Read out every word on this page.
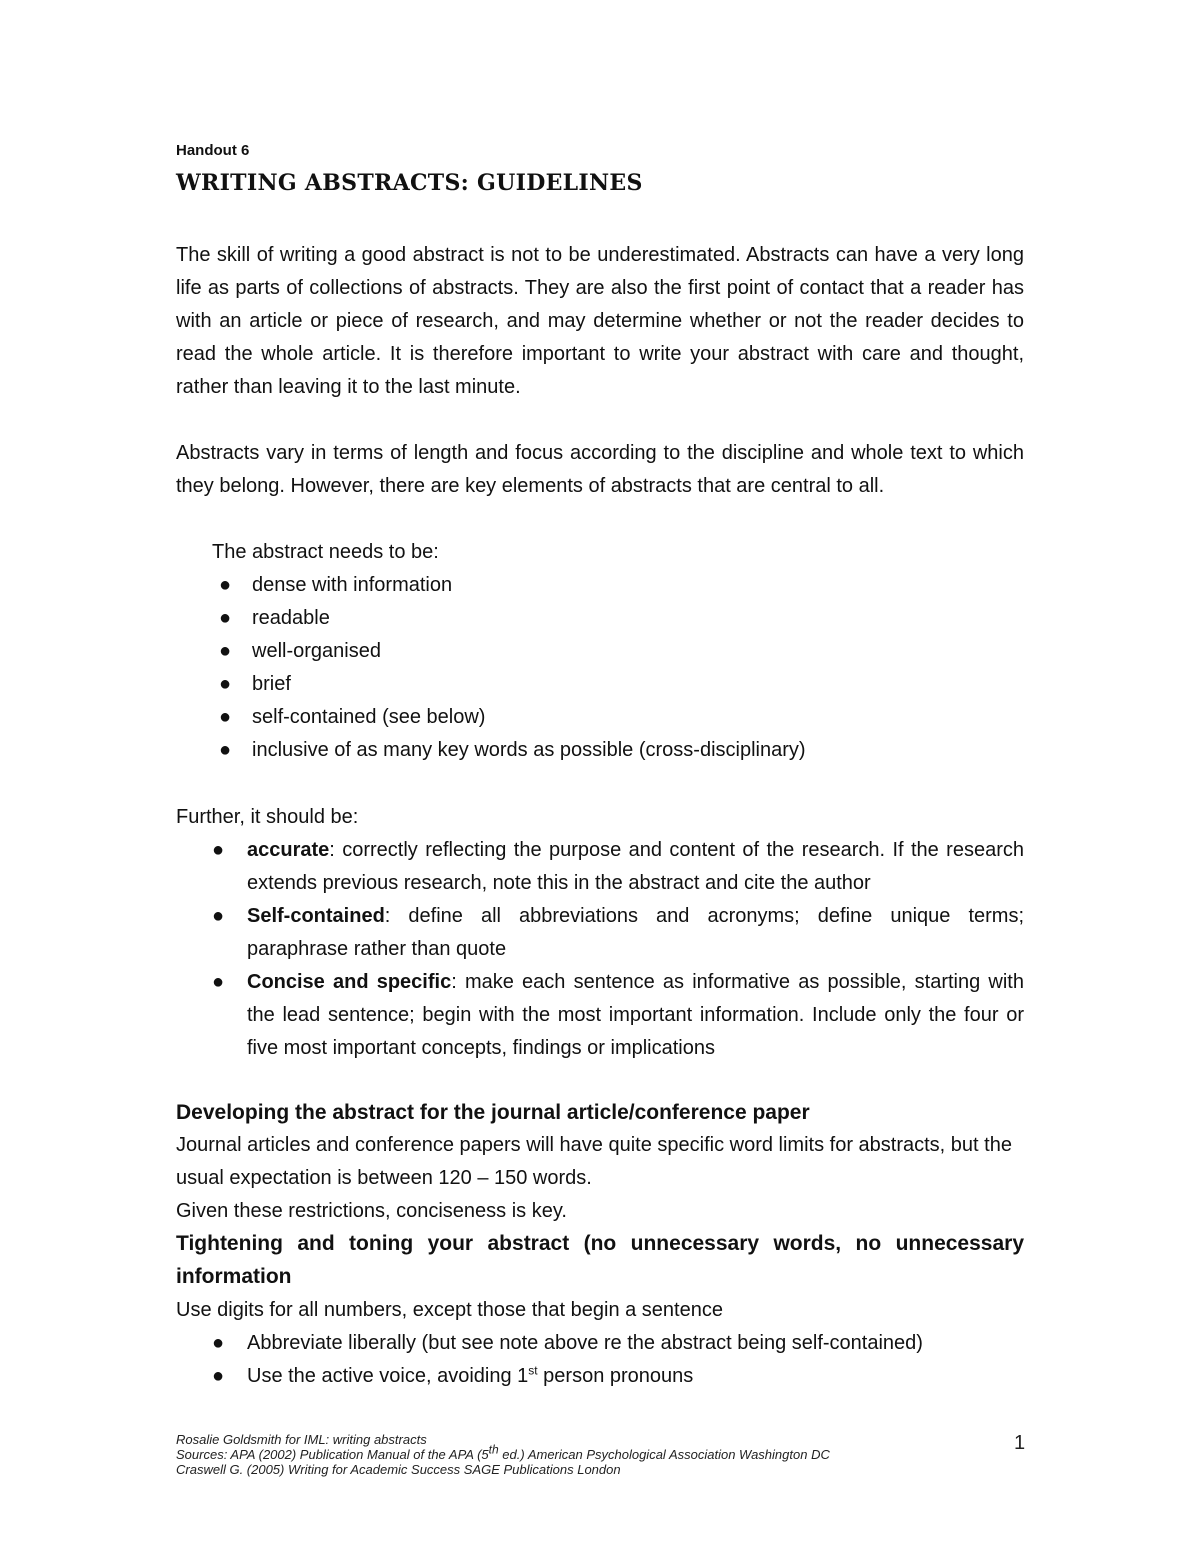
Handout 6
WRITING ABSTRACTS: GUIDELINES

The skill of writing a good abstract is not to be underestimated. Abstracts can have a very long life as parts of collections of abstracts. They are also the first point of contact that a reader has with an article or piece of research, and may determine whether or not the reader decides to read the whole article. It is therefore important to write your abstract with care and thought, rather than leaving it to the last minute.

Abstracts vary in terms of length and focus according to the discipline and whole text to which they belong. However, there are key elements of abstracts that are central to all.

The abstract needs to be:
● dense with information
● readable
● well-organised
● brief
● self-contained (see below)
● inclusive of as many key words as possible (cross-disciplinary)
Further, it should be:
● accurate: correctly reflecting the purpose and content of the research. If the research extends previous research, note this in the abstract and cite the author
● Self-contained: define all abbreviations and acronyms; define unique terms; paraphrase rather than quote
● Concise and specific: make each sentence as informative as possible, starting with the lead sentence; begin with the most important information. Include only the four or five most important concepts, findings or implications
Developing the abstract for the journal article/conference paper

Journal articles and conference papers will have quite specific word limits for abstracts, but the usual expectation is between 120 – 150 words.

Given these restrictions, conciseness is key.
Tightening and toning your abstract (no unnecessary words, no unnecessary information
Use digits for all numbers, except those that begin a sentence
● Abbreviate liberally (but see note above re the abstract being self-contained)
● Use the active voice, avoiding 1st person pronouns
Rosalie Goldsmith for IML: writing abstracts
Sources: APA (2002) Publication Manual of the APA (5th ed.) American Psychological Association Washington DC
Craswell G. (2005) Writing for Academic Success SAGE Publications London
1
